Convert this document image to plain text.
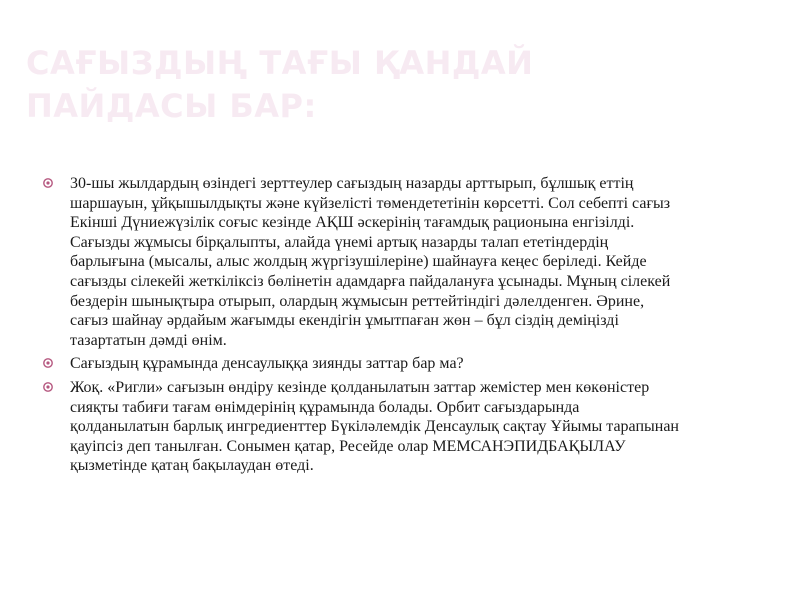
САҒЫЗДЫҢ ТАҒЫ ҚАНДАЙ
ПАЙДАСЫ БАР:
30-шы жылдардың өзіндегі зерттеулер сағыздың назарды арттырып, бұлшық еттің шаршауын, ұйқышылдықты және күйзелісті төмендететінін көрсетті. Сол себепті сағыз Екінші Дүниежүзілік соғыс кезінде АҚШ әскерінің тағамдық рационына енгізілді. Сағызды жұмысы бірқалыпты, алайда үнемі артық назарды талап ететіндердің барлығына (мысалы, алыс жолдың жүргізушілеріне) шайнауға кеңес беріледі. Кейде сағызды сілекейі жеткіліксіз бөлінетін адамдарға пайдалануға ұсынады. Мұның сілекей бездерін шынықтыра отырып, олардың жұмысын реттейтіндігі дәлелденген. Әрине, сағыз шайнау әрдайым жағымды екендігін ұмытпаған жөн – бұл сіздің деміңізді тазартатын дәмді өнім.
Сағыздың құрамында денсаулыққа зиянды заттар бар ма?
Жоқ. «Ригли» сағызын өндіру кезінде қолданылатын заттар жемістер мен көкөністер сияқты табиғи тағам өнімдерінің құрамында болады. Орбит сағыздарында қолданылатын барлық ингредиенттер Бүкіләлемдік Денсаулық сақтау Ұйымы тарапынан қауіпсіз деп танылған. Сонымен қатар, Ресейде олар МЕМСАНЭПИДБАҚЫЛАУ қызметінде қатаң бақылаудан өтеді.
